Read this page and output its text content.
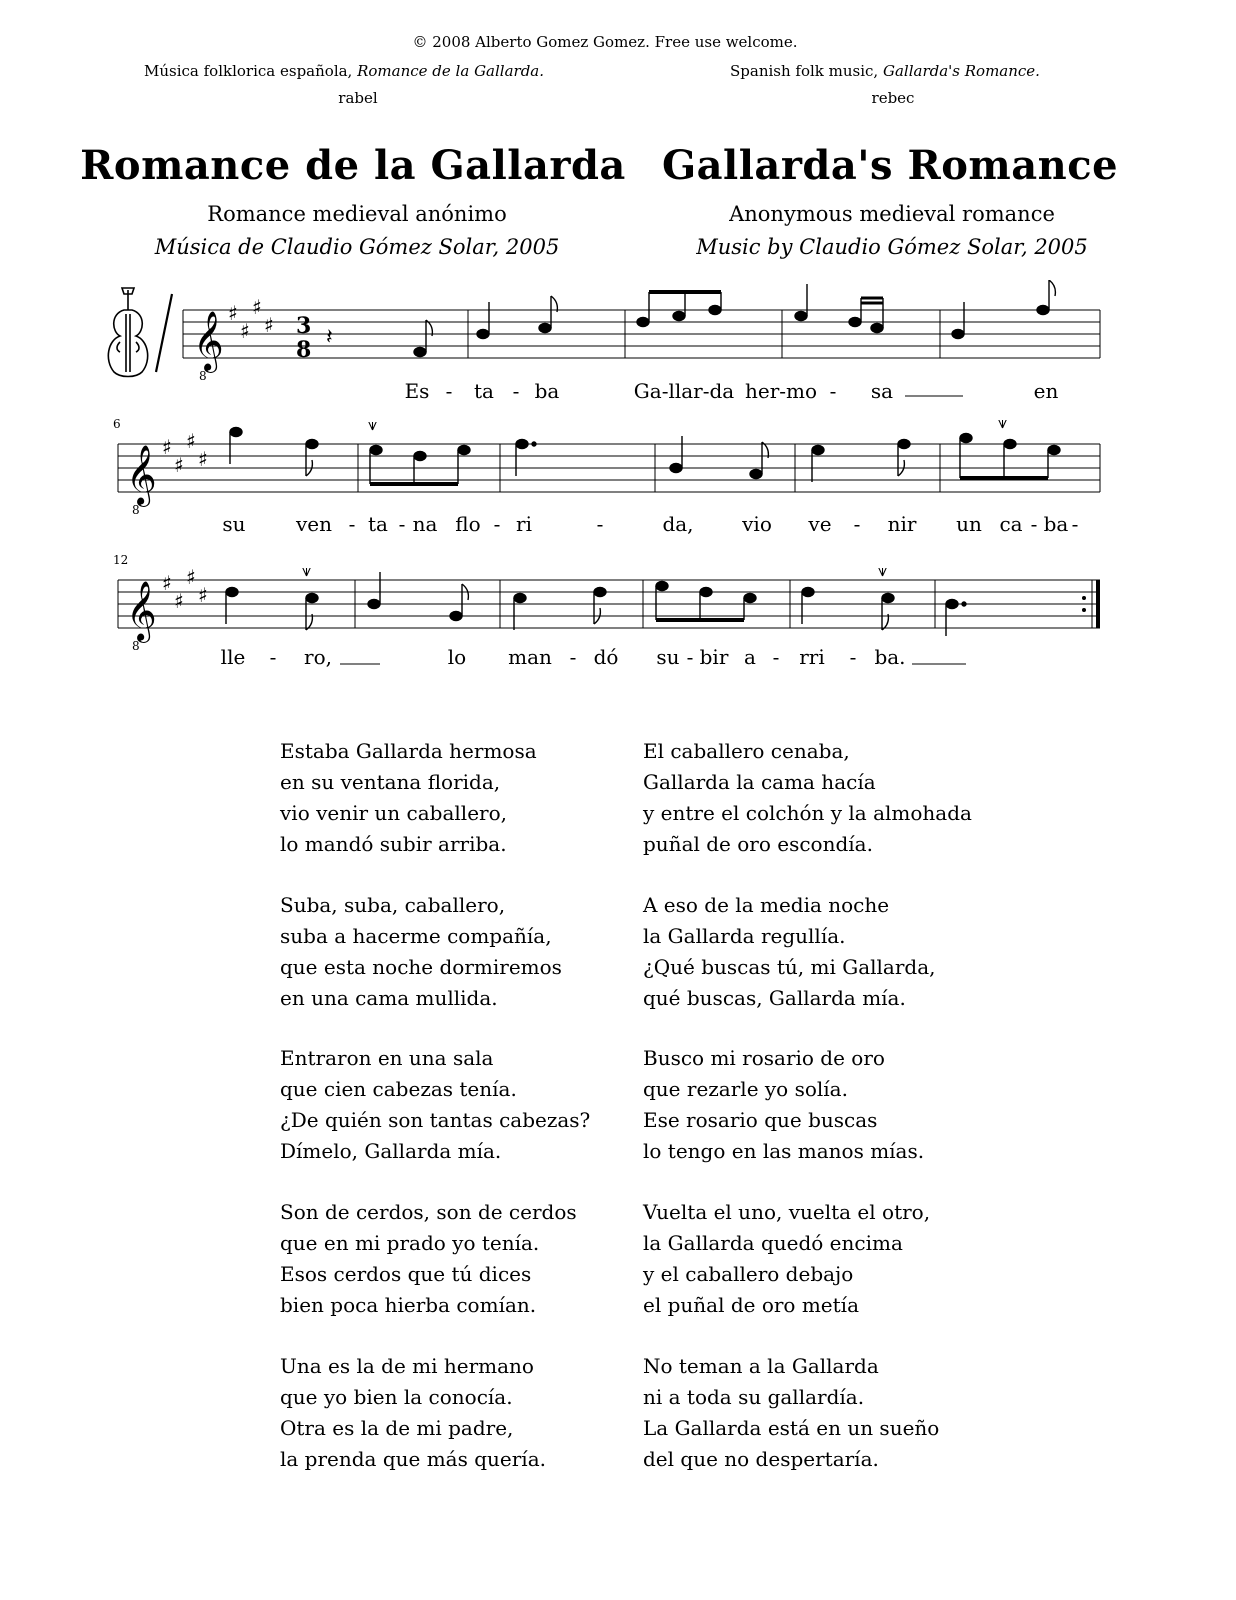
© 2008 Alberto Gomez Gomez. Free use welcome.
Música folklorica española, Romance de la Gallarda.
rabel
Spanish folk music, Gallarda's Romance.
rebec
Romance de la Gallarda Gallarda's Romance
Romance medieval anónimo	Anonymous medieval romance
Música de Claudio Gómez Solar, 2005	Music by Claudio Gómez Solar, 2005
𝄞
8
♯
♯
♯
♯ 3
8 𝄽
6
𝄞
8
♯
♯
♯
♯
⩛	⩛
12
𝄞
8
♯
♯
♯
♯
⩛	⩛
Es - ta - ba	Ga-llar-da her-mo - sa	en
su	ven - ta - na flo - ri	-	da, vio ve - nir un ca - ba -
lle - ro,	lo man - dó su - bir a - rri - ba.
Estaba Gallarda hermosa
en su ventana florida,
vio venir un caballero,
lo mandó subir arriba.
Suba, suba, caballero,
suba a hacerme compañía,
que esta noche dormiremos
en una cama mullida.
Entraron en una sala
que cien cabezas tenía.
¿De quién son tantas cabezas?
Dímelo, Gallarda mía.
Son de cerdos, son de cerdos
que en mi prado yo tenía.
Esos cerdos que tú dices
bien poca hierba comían.
Una es la de mi hermano
que yo bien la conocía.
Otra es la de mi padre,
la prenda que más quería.
El caballero cenaba,
Gallarda la cama hacía
y entre el colchón y la almohada
puñal de oro escondía.
A eso de la media noche
la Gallarda regullía.
¿Qué buscas tú, mi Gallarda,
qué buscas, Gallarda mía.
Busco mi rosario de oro
que rezarle yo solía.
Ese rosario que buscas
lo tengo en las manos mías.
Vuelta el uno, vuelta el otro,
la Gallarda quedó encima
y el caballero debajo
el puñal de oro metía
No teman a la Gallarda
ni a toda su gallardía.
La Gallarda está en un sueño
del que no despertaría.
